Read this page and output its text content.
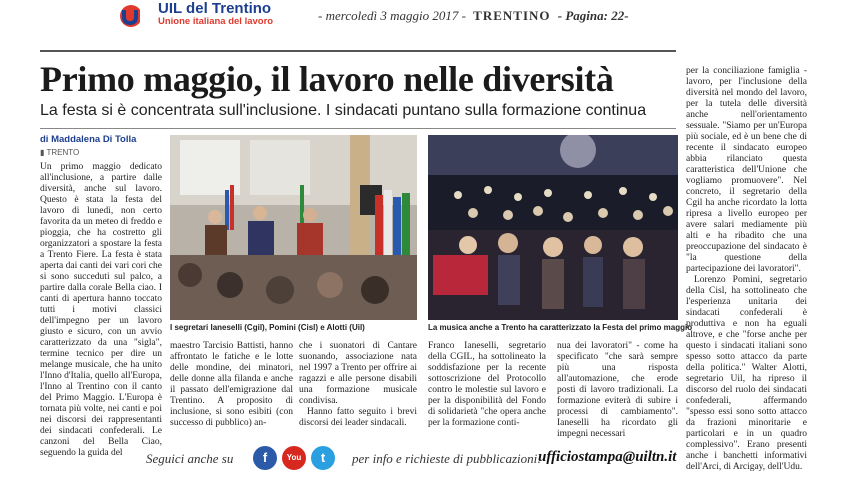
UIL del Trentino
Unione italiana del lavoro	- mercoledì 3 maggio 2017 - TRENTINO - Pagina: 22-
Primo maggio, il lavoro nelle diversità
La festa si è concentrata sull'inclusione. I sindacati puntano sulla formazione continua
di Maddalena Di Tolla
▮ TRENTO

Un primo maggio dedicato all'inclusione, a partire dalle diversità, anche sul lavoro. Questo è stata la festa del lavoro di lunedì, non certo favorita da un meteo di freddo e pioggia, che ha costretto gli organizzatori a spostare la festa a Trento Fiere. La festa è stata aperta dai canti dei vari cori che si sono succeduti sul palco, a partire dalla corale Bella ciao. I canti di apertura hanno toccato tutti i motivi classici dell'impegno per un lavoro giusto e sicuro, con un avvio caratterizzato da una "sigla", termine tecnico per dire un melange musicale, che ha unito l'Inno d'Italia, quello all'Europa, l'Inno al Trentino con il canto del Primo Maggio. L'Europa è tornata più volte, nei canti e poi nei discorsi dei rappresentanti dei sindacati confederali. Le canzoni del Bella Ciao, seguendo la guida del

I segretari Ianeselli (Cgil), Pomini (Cisl) e Alotti (Uil)	La musica anche a Trento ha caratterizzato la Festa del primo maggio

maestro Tarcisio Battisti, hanno affrontato le fatiche e le lotte delle mondine, dei minatori, delle donne alla filanda e anche il passato dell'emigrazione dal Trentino. A proposito di inclusione, si sono esibiti (con successo di pubblico) an-

che i suonatori di Cantare suonando, associazione nata nel 1997 a Trento per offrire ai ragazzi e alle persone disabili una formazione musicale condivisa.

Hanno fatto seguito i brevi discorsi dei leader sindacali.

Franco Ianeselli, segretario della CGIL, ha sottolineato la soddisfazione per la recente sottoscrizione del Protocollo contro le molestie sul lavoro e per la disponibilità del Fondo di solidarietà "che opera anche per la formazione conti-

nua dei lavoratori" - come ha specificato "che sarà sempre più una risposta all'automazione, che erode posti di lavoro tradizionali. La formazione eviterà di subire i processi di cambiamento". Ianeselli ha ricordato gli impegni necessari

per la conciliazione famiglia - lavoro, per l'inclusione della diversità nel mondo del lavoro, per la tutela delle diversità anche nell'orientamento sessuale. "Siamo per un'Europa più sociale, ed è un bene che di recente il sindacato europeo abbia rilanciato questa caratteristica dell'Unione che vogliamo promuovere". Nel concreto, il segretario della Cgil ha anche ricordato la lotta ripresa a livello europeo per avere salari mediamente più alti e ha ribadito che una preoccupazione del sindacato è "la questione della partecipazione dei lavoratori".

Lorenzo Pomini, segretario della Cisl, ha sottolineato che l'esperienza unitaria dei sindacati confederali è produttiva e non ha eguali altrove, e che "forse anche per questo i sindacati italiani sono spesso sotto attacco da parte della politica." Walter Alotti, segretario Uil, ha ripreso il discorso del ruolo dei sindacati confederali, affermando "spesso essi sono sotto attacco da frazioni minoritarie e particolari e in un quadro complessivo". Erano presenti anche i banchetti informativi dell'Arci, di Arcigay, dell'Udu.

Seguici anche su	f	You	t	per info e richieste di pubblicazioni:
ufficiostampa@uiltn.it
